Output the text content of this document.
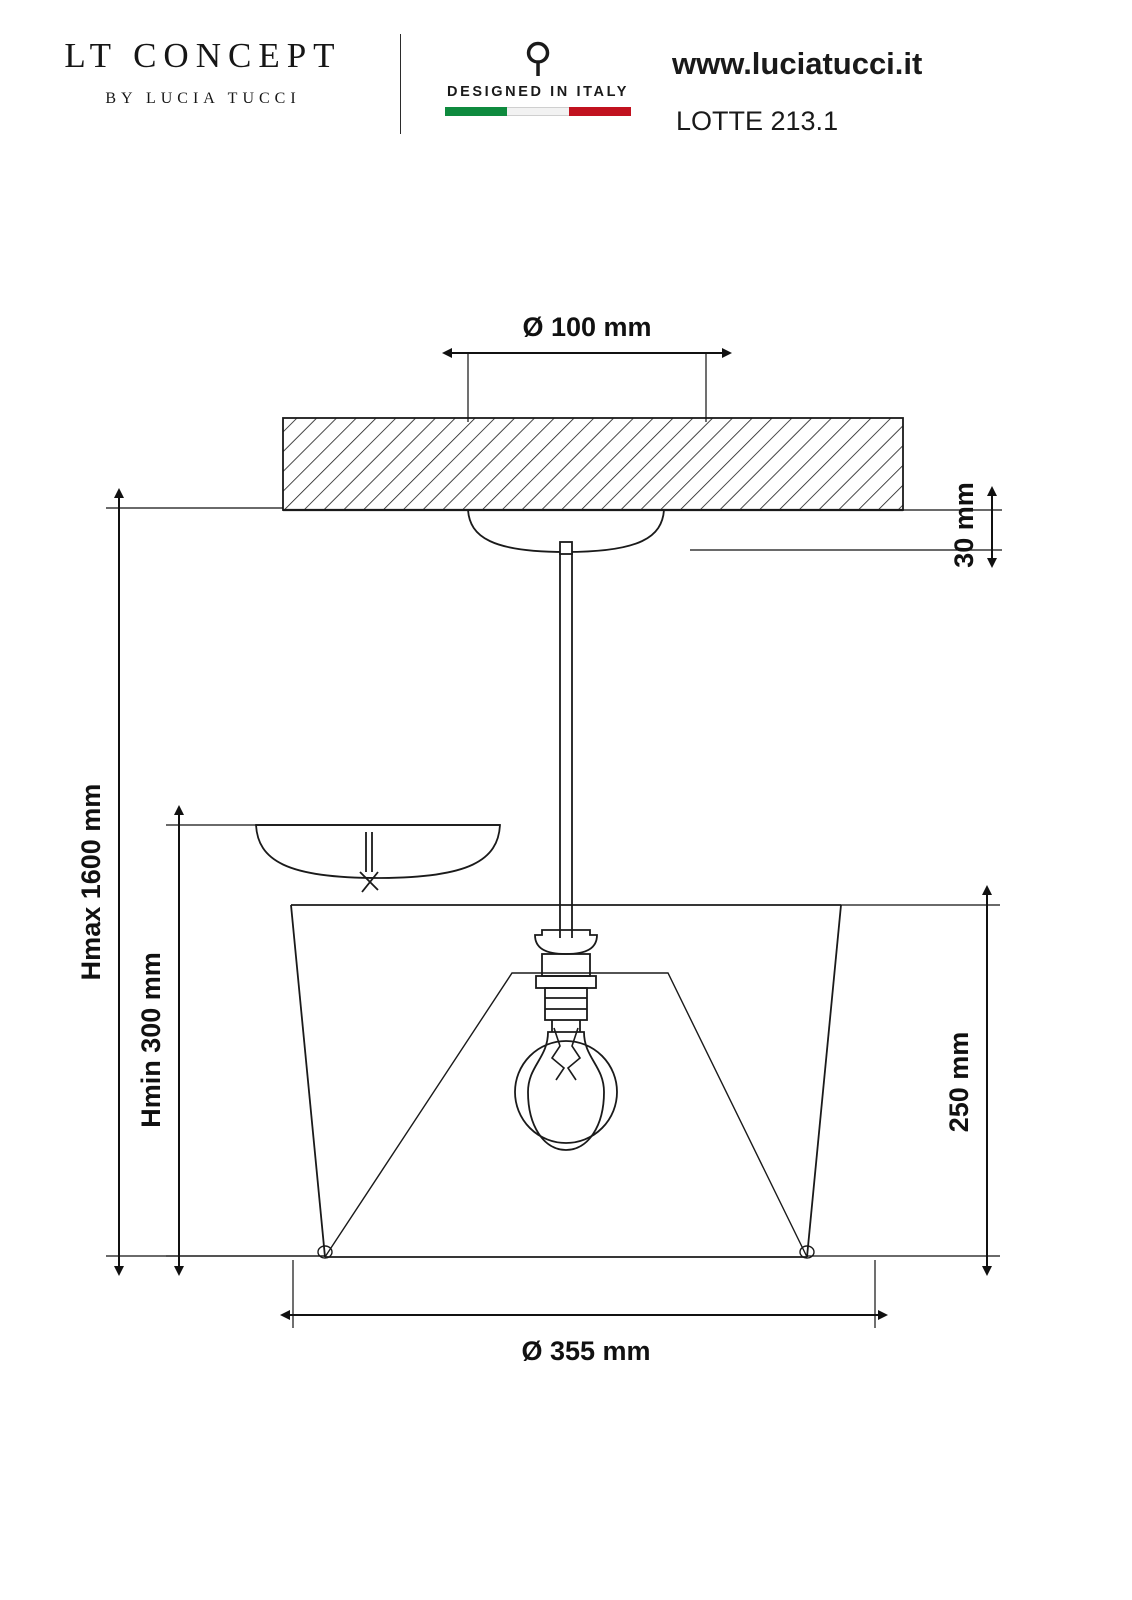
LT CONCEPT
BY LUCIA TUCCI
⚲
DESIGNED IN ITALY
www.luciatucci.it
LOTTE 213.1
Ø 100 mm
30 mm
Hmax 1600 mm
Hmin 300 mm	250 mm
Ø 355 mm
